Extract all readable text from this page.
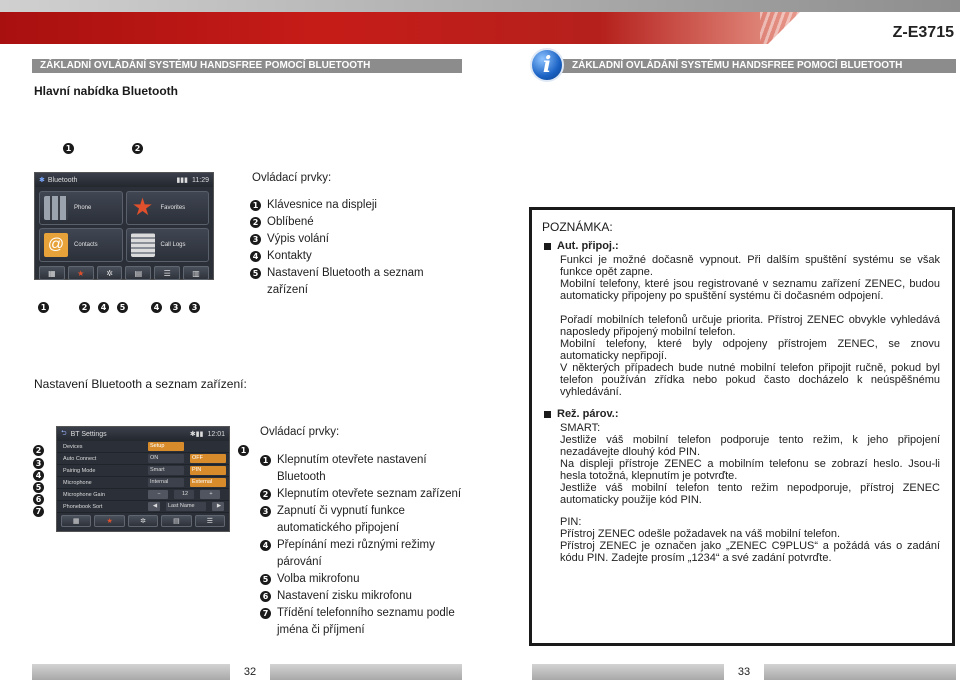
Z-E3715
ZÁKLADNÍ OVLÁDÁNÍ SYSTÉMU HANDSFREE POMOCÍ BLUETOOTH	ZÁKLADNÍ OVLÁDÁNÍ SYSTÉMU HANDSFREE POMOCÍ BLUETOOTH
i
Hlavní nabídka Bluetooth
1	2
✱ Bluetooth	▮▮▮ 11:29
Phone ★ Favorites
@	Contacts	Call Logs
▦	★	✲	▤	☰	▥
1	2	4	5	4	3	3
Ovládací prvky:
1 Klávesnice na displeji
2 Oblíbené
3 Výpis volání
4 Kontakty
5 Nastavení Bluetooth a seznam zařízení
Nastavení Bluetooth a seznam zařízení:
2
3
4
5
6
7
1
⮌ BT Settings	✱▮▮ 12:01
Devices	Setup
Auto Connect	ON	OFF
Pairing Mode	Smart	PIN
Microphone	Internal	External
Microphone Gain	−	12	+
Phonebook Sort	◀	Last Name	▶
▦	★	✲	▤	☰
Ovládací prvky:
1 Klepnutím otevřete nastavení Bluetooth
2 Klepnutím otevřete seznam zařízení
3 Zapnutí či vypnutí funkce automatického připojení
4 Přepínání mezi různými režimy párování
5 Volba mikrofonu
6 Nastavení zisku mikrofonu
7 Třídění telefonního seznamu podle jména či příjmení
POZNÁMKA:
Aut. připoj.:

Funkci je možné dočasně vypnout. Při dalším spuštění systému se však funkce opět zapne.

Mobilní telefony, které jsou registrované v seznamu zařízení ZENEC, budou automaticky připojeny po spuštění systému či dočasném odpojení.

Pořadí mobilních telefonů určuje priorita. Přístroj ZENEC obvykle vyhledává naposledy připojený mobilní telefon.

Mobilní telefony, které byly odpojeny přístrojem ZENEC, se znovu automaticky nepřipojí.

V některých případech bude nutné mobilní telefon připojit ručně, pokud byl telefon používán zřídka nebo pokud často docházelo k neúspěšnému vyhledávání.

Rež. párov.:

SMART:

Jestliže váš mobilní telefon podporuje tento režim, k jeho připojení nezadávejte dlouhý kód PIN.

Na displeji přístroje ZENEC a mobilním telefonu se zobrazí heslo. Jsou-li hesla totožná, klepnutím je potvrďte.

Jestliže váš mobilní telefon tento režim nepodporuje, přístroj ZENEC automaticky použije kód PIN.

PIN:

Přístroj ZENEC odešle požadavek na váš mobilní telefon.

Přístroj ZENEC je označen jako „ZENEC C9PLUS“ a požádá vás o zadání kódu PIN. Zadejte prosím „1234“ a své zadání potvrďte.

32	33
